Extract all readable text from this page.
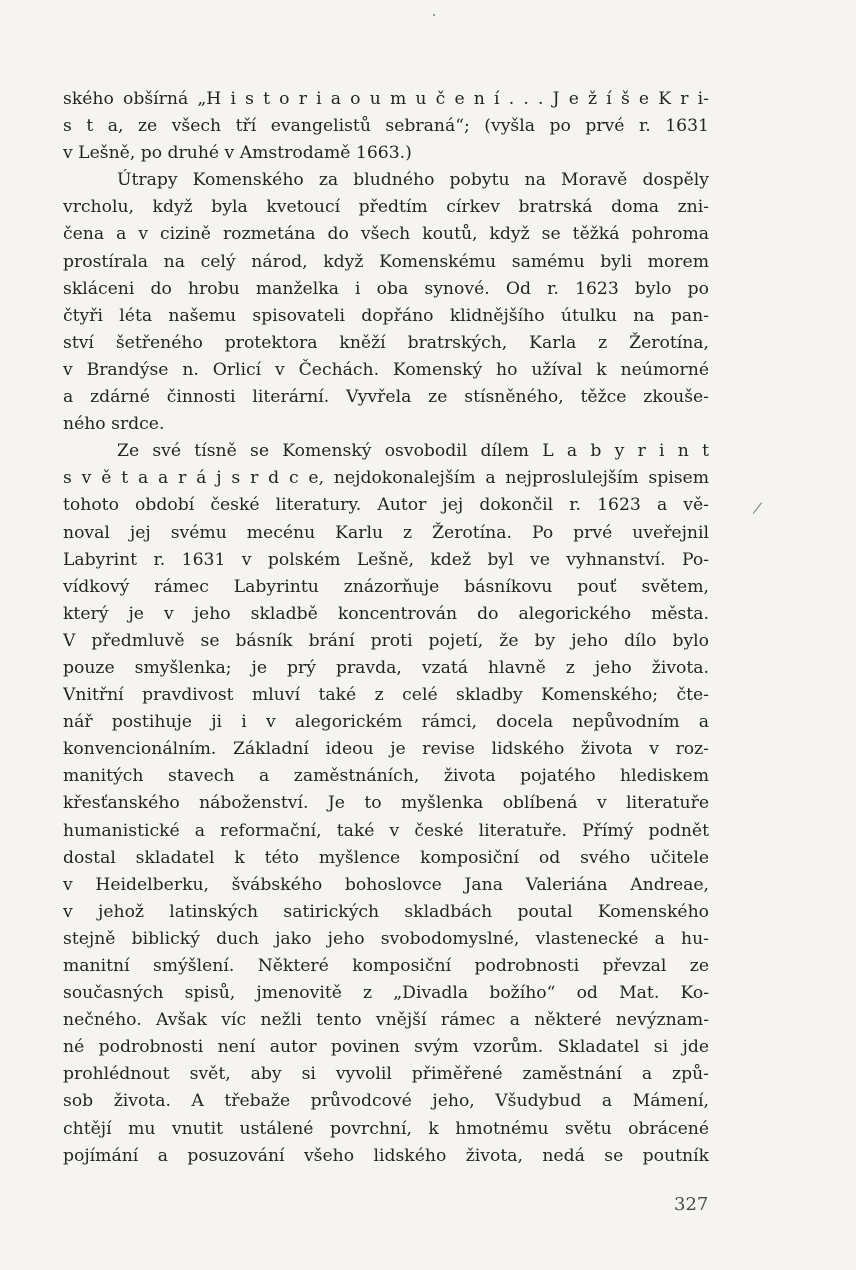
ského obšírná „H i s t o r i a o u m u č e n í . . . J e ž í š e K r i-
s t a, ze všech tří evangelistů sebraná“; (vyšla po prvé r. 1631
v Lešně, po druhé v Amstrodamě 1663.)
Útrapy Komenského za bludného pobytu na Moravě dospěly
vrcholu, když byla kvetoucí předtím církev bratrská doma zni-
čena a v cizině rozmetána do všech koutů, když se těžká pohroma
prostírala na celý národ, když Komenskému samému byli morem
skláceni do hrobu manželka i oba synové. Od r. 1623 bylo po
čtyři léta našemu spisovateli dopřáno klidnějšího útulku na pan-
ství šetřeného protektora kněží bratrských, Karla z Žerotína,
v Brandýse n. Orlicí v Čechách. Komenský ho užíval k neúmorné
a zdárné činnosti literární. Vyvřela ze stísněného, těžce zkouše-
ného srdce.
Ze své tísně se Komenský osvobodil dílem L a b y r i n t
s v ě t a a r á j s r d c e, nejdokonalejším a nejproslulejším spisem
tohoto období české literatury. Autor jej dokončil r. 1623 a vě-
noval jej svému mecénu Karlu z Žerotína. Po prvé uveřejnil
Labyrint r. 1631 v polském Lešně, kdež byl ve vyhnanství. Po-
vídkový rámec Labyrintu znázorňuje básníkovu pouť světem,
který je v jeho skladbě koncentrován do alegorického města.
V předmluvě se básník brání proti pojetí, že by jeho dílo bylo
pouze smyšlenka; je prý pravda, vzatá hlavně z jeho života.
Vnitřní pravdivost mluví také z celé skladby Komenského; čte-
nář postihuje ji i v alegorickém rámci, docela nepůvodním a
konvencionálním. Základní ideou je revise lidského života v roz-
manitých stavech a zaměstnáních, života pojatého hlediskem
křesťanského náboženství. Je to myšlenka oblíbená v literatuře
humanistické a reformační, také v české literatuře. Přímý podnět
dostal skladatel k této myšlence komposiční od svého učitele
v Heidelberku, švábského bohoslovce Jana Valeriána Andreae,
v jehož latinských satirických skladbách poutal Komenského
stejně biblický duch jako jeho svobodomyslné, vlastenecké a hu-
manitní smýšlení. Některé komposiční podrobnosti převzal ze
současných spisů, jmenovitě z „Divadla božího“ od Mat. Ko-
nečného. Avšak víc nežli tento vnější rámec a některé nevýznam-
né podrobnosti není autor povinen svým vzorům. Skladatel si jde
prohlédnout svět, aby si vyvolil přiměřené zaměstnání a způ-
sob života. A třebaže průvodcové jeho, Všudybud a Mámení,
chtějí mu vnutit ustálené povrchní, k hmotnému světu obrácené
pojímání a posuzování všeho lidského života, nedá se poutník
327
